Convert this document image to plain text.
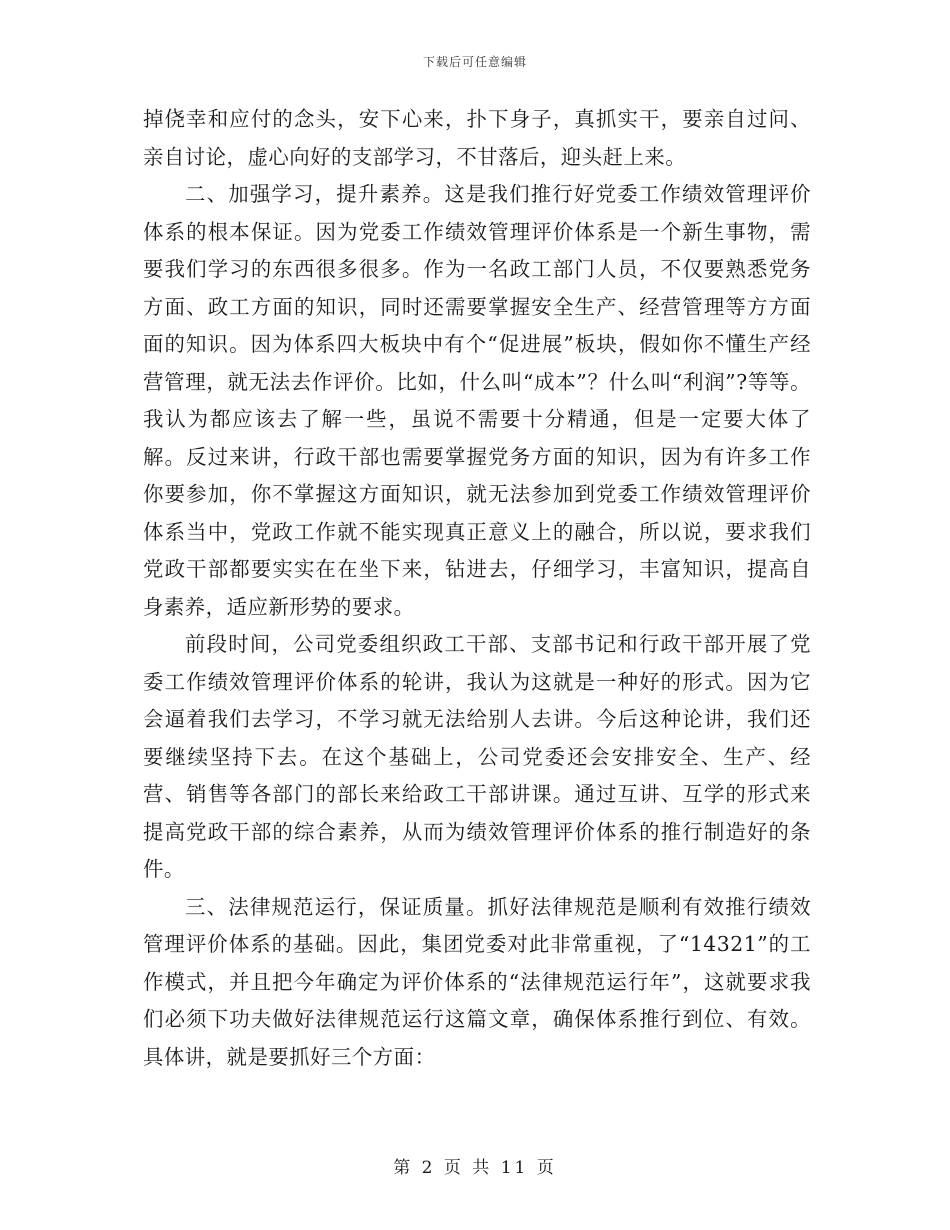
下载后可任意编辑

掉侥幸和应付的念头，安下心来，扑下身子，真抓实干，要亲自过问、亲自讨论，虚心向好的支部学习，不甘落后，迎头赶上来。

二、加强学习，提升素养。这是我们推行好党委工作绩效管理评价体系的根本保证。因为党委工作绩效管理评价体系是一个新生事物，需要我们学习的东西很多很多。作为一名政工部门人员，不仅要熟悉党务方面、政工方面的知识，同时还需要掌握安全生产、经营管理等方方面面的知识。因为体系四大板块中有个“促进展”板块，假如你不懂生产经营管理，就无法去作评价。比如，什么叫“成本”？什么叫“利润”?等等。我认为都应该去了解一些，虽说不需要十分精通，但是一定要大体了解。反过来讲，行政干部也需要掌握党务方面的知识，因为有许多工作你要参加，你不掌握这方面知识，就无法参加到党委工作绩效管理评价体系当中，党政工作就不能实现真正意义上的融合，所以说，要求我们党政干部都要实实在在坐下来，钻进去，仔细学习，丰富知识，提高自身素养，适应新形势的要求。

前段时间，公司党委组织政工干部、支部书记和行政干部开展了党委工作绩效管理评价体系的轮讲，我认为这就是一种好的形式。因为它会逼着我们去学习，不学习就无法给别人去讲。今后这种论讲，我们还要继续坚持下去。在这个基础上，公司党委还会安排安全、生产、经营、销售等各部门的部长来给政工干部讲课。通过互讲、互学的形式来提高党政干部的综合素养，从而为绩效管理评价体系的推行制造好的条件。

三、法律规范运行，保证质量。抓好法律规范是顺利有效推行绩效管理评价体系的基础。因此，集团党委对此非常重视，了“14321”的工作模式，并且把今年确定为评价体系的“法律规范运行年”，这就要求我们必须下功夫做好法律规范运行这篇文章，确保体系推行到位、有效。具体讲，就是要抓好三个方面：

第 2 页 共 11 页
